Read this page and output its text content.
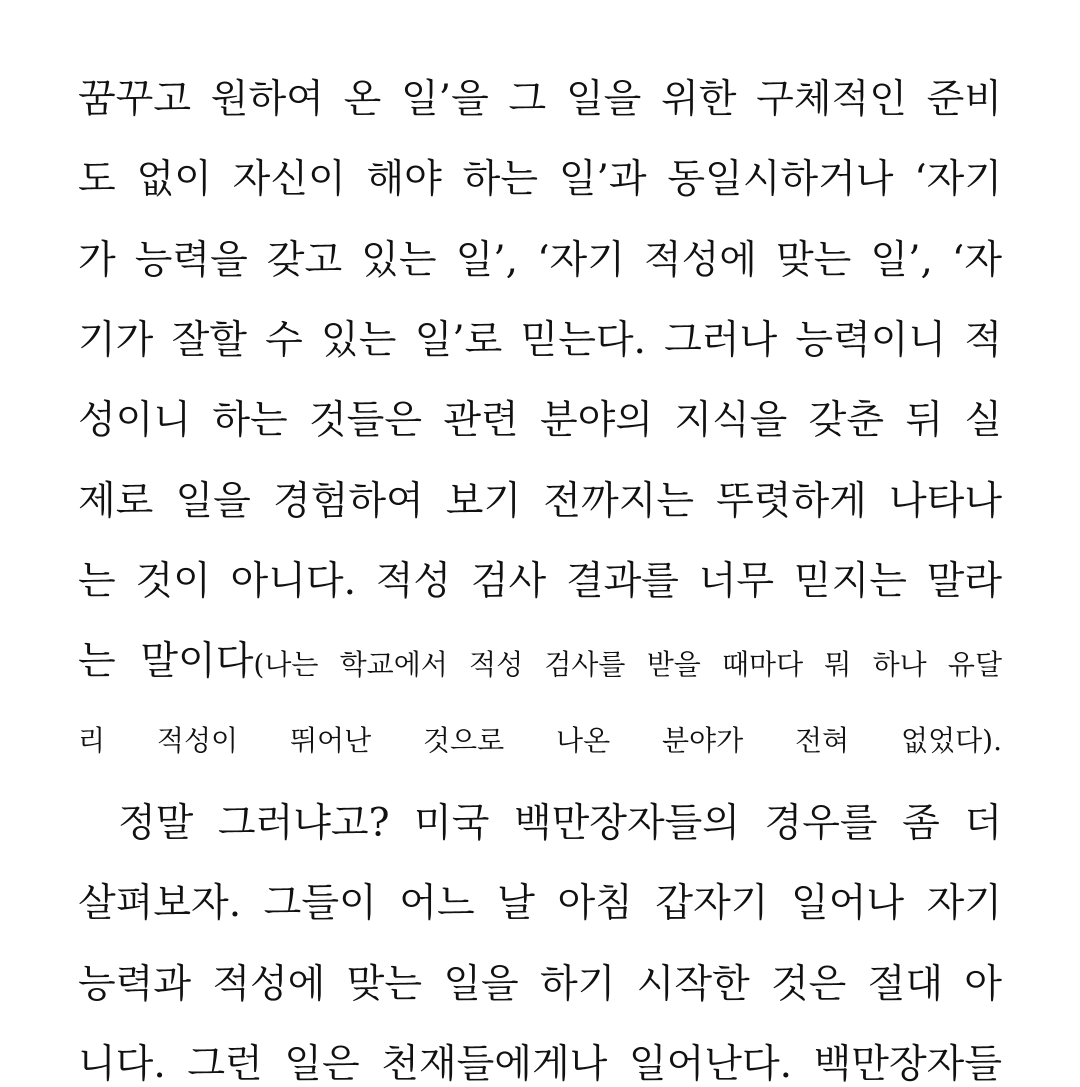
꿈꾸고 원하여 온 일’을 그 일을 위한 구체적인 준비
도 없이 자신이 해야 하는 일’과 동일시하거나 ‘자기
가 능력을 갖고 있는 일’, ‘자기 적성에 맞는 일’, ‘자
기가 잘할 수 있는 일’로 믿는다. 그러나 능력이니 적
성이니 하는 것들은 관련 분야의 지식을 갖춘 뒤 실
제로 일을 경험하여 보기 전까지는 뚜렷하게 나타나
는 것이 아니다. 적성 검사 결과를 너무 믿지는 말라
는 말이다(나는 학교에서 적성 검사를 받을 때마다 뭐 하나 유달
리 적성이 뛰어난 것으로 나온 분야가 전혀 없었다).
정말 그러냐고? 미국 백만장자들의 경우를 좀 더
살펴보자. 그들이 어느 날 아침 갑자기 일어나 자기
능력과 적성에 맞는 일을 하기 시작한 것은 절대 아
니다. 그런 일은 천재들에게나 일어난다. 백만장자들
